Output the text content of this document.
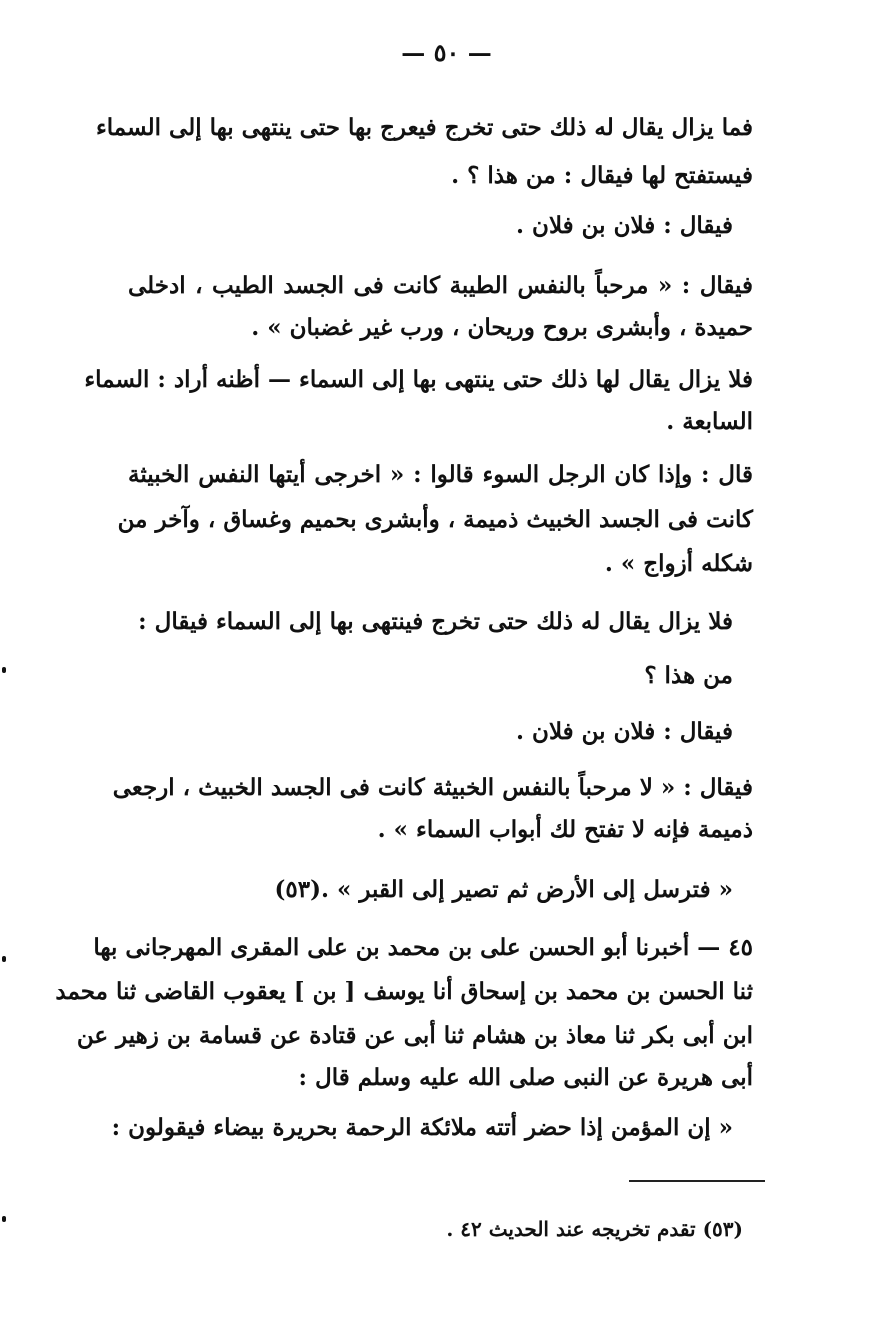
— ٥٠ —
فما يزال يقال له ذلك حتى تخرج فيعرج بها حتى ينتهى بها إلى السماء
فيستفتح لها فيقال : من هذا ؟ .
فيقال : فلان بن فلان .
فيقال : « مرحباً بالنفس الطيبة كانت فى الجسد الطيب ، ادخلى
حميدة ، وأبشرى بروح وريحان ، ورب غير غضبان » .
فلا يزال يقال لها ذلك حتى ينتهى بها إلى السماء — أظنه أراد : السماء
السابعة .
قال : وإذا كان الرجل السوء قالوا : « اخرجى أيتها النفس الخبيثة
كانت فى الجسد الخبيث ذميمة ، وأبشرى بحميم وغساق ، وآخر من
شكله أزواج » .
فلا يزال يقال له ذلك حتى تخرج فينتهى بها إلى السماء فيقال :
من هذا ؟
فيقال : فلان بن فلان .
فيقال : « لا مرحباً بالنفس الخبيثة كانت فى الجسد الخبيث ، ارجعى
ذميمة فإنه لا تفتح لك أبواب السماء » .
« فترسل إلى الأرض ثم تصير إلى القبر » .(٥٣)
٤٥ — أخبرنا أبو الحسن على بن محمد بن على المقرى المهرجانى بها
ثنا الحسن بن محمد بن إسحاق أنا يوسف [ بن ] يعقوب القاضى ثنا محمد
ابن أبى بكر ثنا معاذ بن هشام ثنا أبى عن قتادة عن قسامة بن زهير عن
أبى هريرة عن النبى صلى الله عليه وسلم قال :
« إن المؤمن إذا حضر أتته ملائكة الرحمة بحريرة بيضاء فيقولون :
(٥٣) تقدم تخريجه عند الحديث ٤٢ .
